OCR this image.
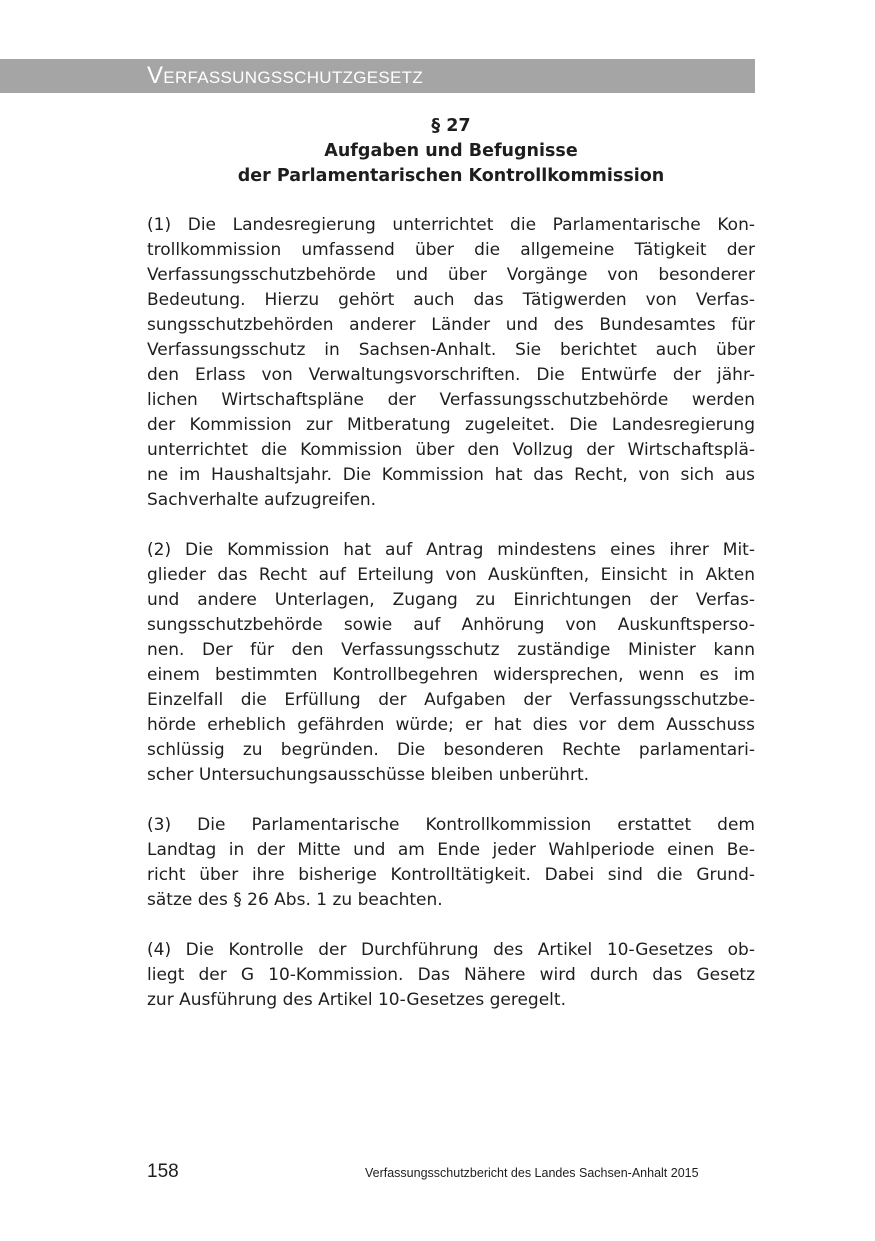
Verfassungsschutzgesetz
§ 27
Aufgaben und Befugnisse
der Parlamentarischen Kontrollkommission
(1) Die Landesregierung unterrichtet die Parlamentarische Kon-
trollkommission umfassend über die allgemeine Tätigkeit der
Verfassungsschutzbehörde und über Vorgänge von besonderer
Bedeutung. Hierzu gehört auch das Tätigwerden von Verfas-
sungsschutzbehörden anderer Länder und des Bundesamtes für
Verfassungsschutz in Sachsen-Anhalt. Sie berichtet auch über
den Erlass von Verwaltungsvorschriften. Die Entwürfe der jähr-
lichen Wirtschaftspläne der Verfassungsschutzbehörde werden
der Kommission zur Mitberatung zugeleitet. Die Landesregierung
unterrichtet die Kommission über den Vollzug der Wirtschaftsplä-
ne im Haushaltsjahr. Die Kommission hat das Recht, von sich aus
Sachverhalte aufzugreifen.
(2) Die Kommission hat auf Antrag mindestens eines ihrer Mit-
glieder das Recht auf Erteilung von Auskünften, Einsicht in Akten
und andere Unterlagen, Zugang zu Einrichtungen der Verfas-
sungsschutzbehörde sowie auf Anhörung von Auskunftsperso-
nen. Der für den Verfassungsschutz zuständige Minister kann
einem bestimmten Kontrollbegehren widersprechen, wenn es im
Einzelfall die Erfüllung der Aufgaben der Verfassungsschutzbe-
hörde erheblich gefährden würde; er hat dies vor dem Ausschuss
schlüssig zu begründen. Die besonderen Rechte parlamentari-
scher Untersuchungsausschüsse bleiben unberührt.
(3) Die Parlamentarische Kontrollkommission erstattet dem
Landtag in der Mitte und am Ende jeder Wahlperiode einen Be-
richt über ihre bisherige Kontrolltätigkeit. Dabei sind die Grund-
sätze des § 26 Abs. 1 zu beachten.
(4) Die Kontrolle der Durchführung des Artikel 10-Gesetzes ob-
liegt der G 10-Kommission. Das Nähere wird durch das Gesetz
zur Ausführung des Artikel 10-Gesetzes geregelt.
158	Verfassungsschutzbericht des Landes Sachsen-Anhalt 2015
